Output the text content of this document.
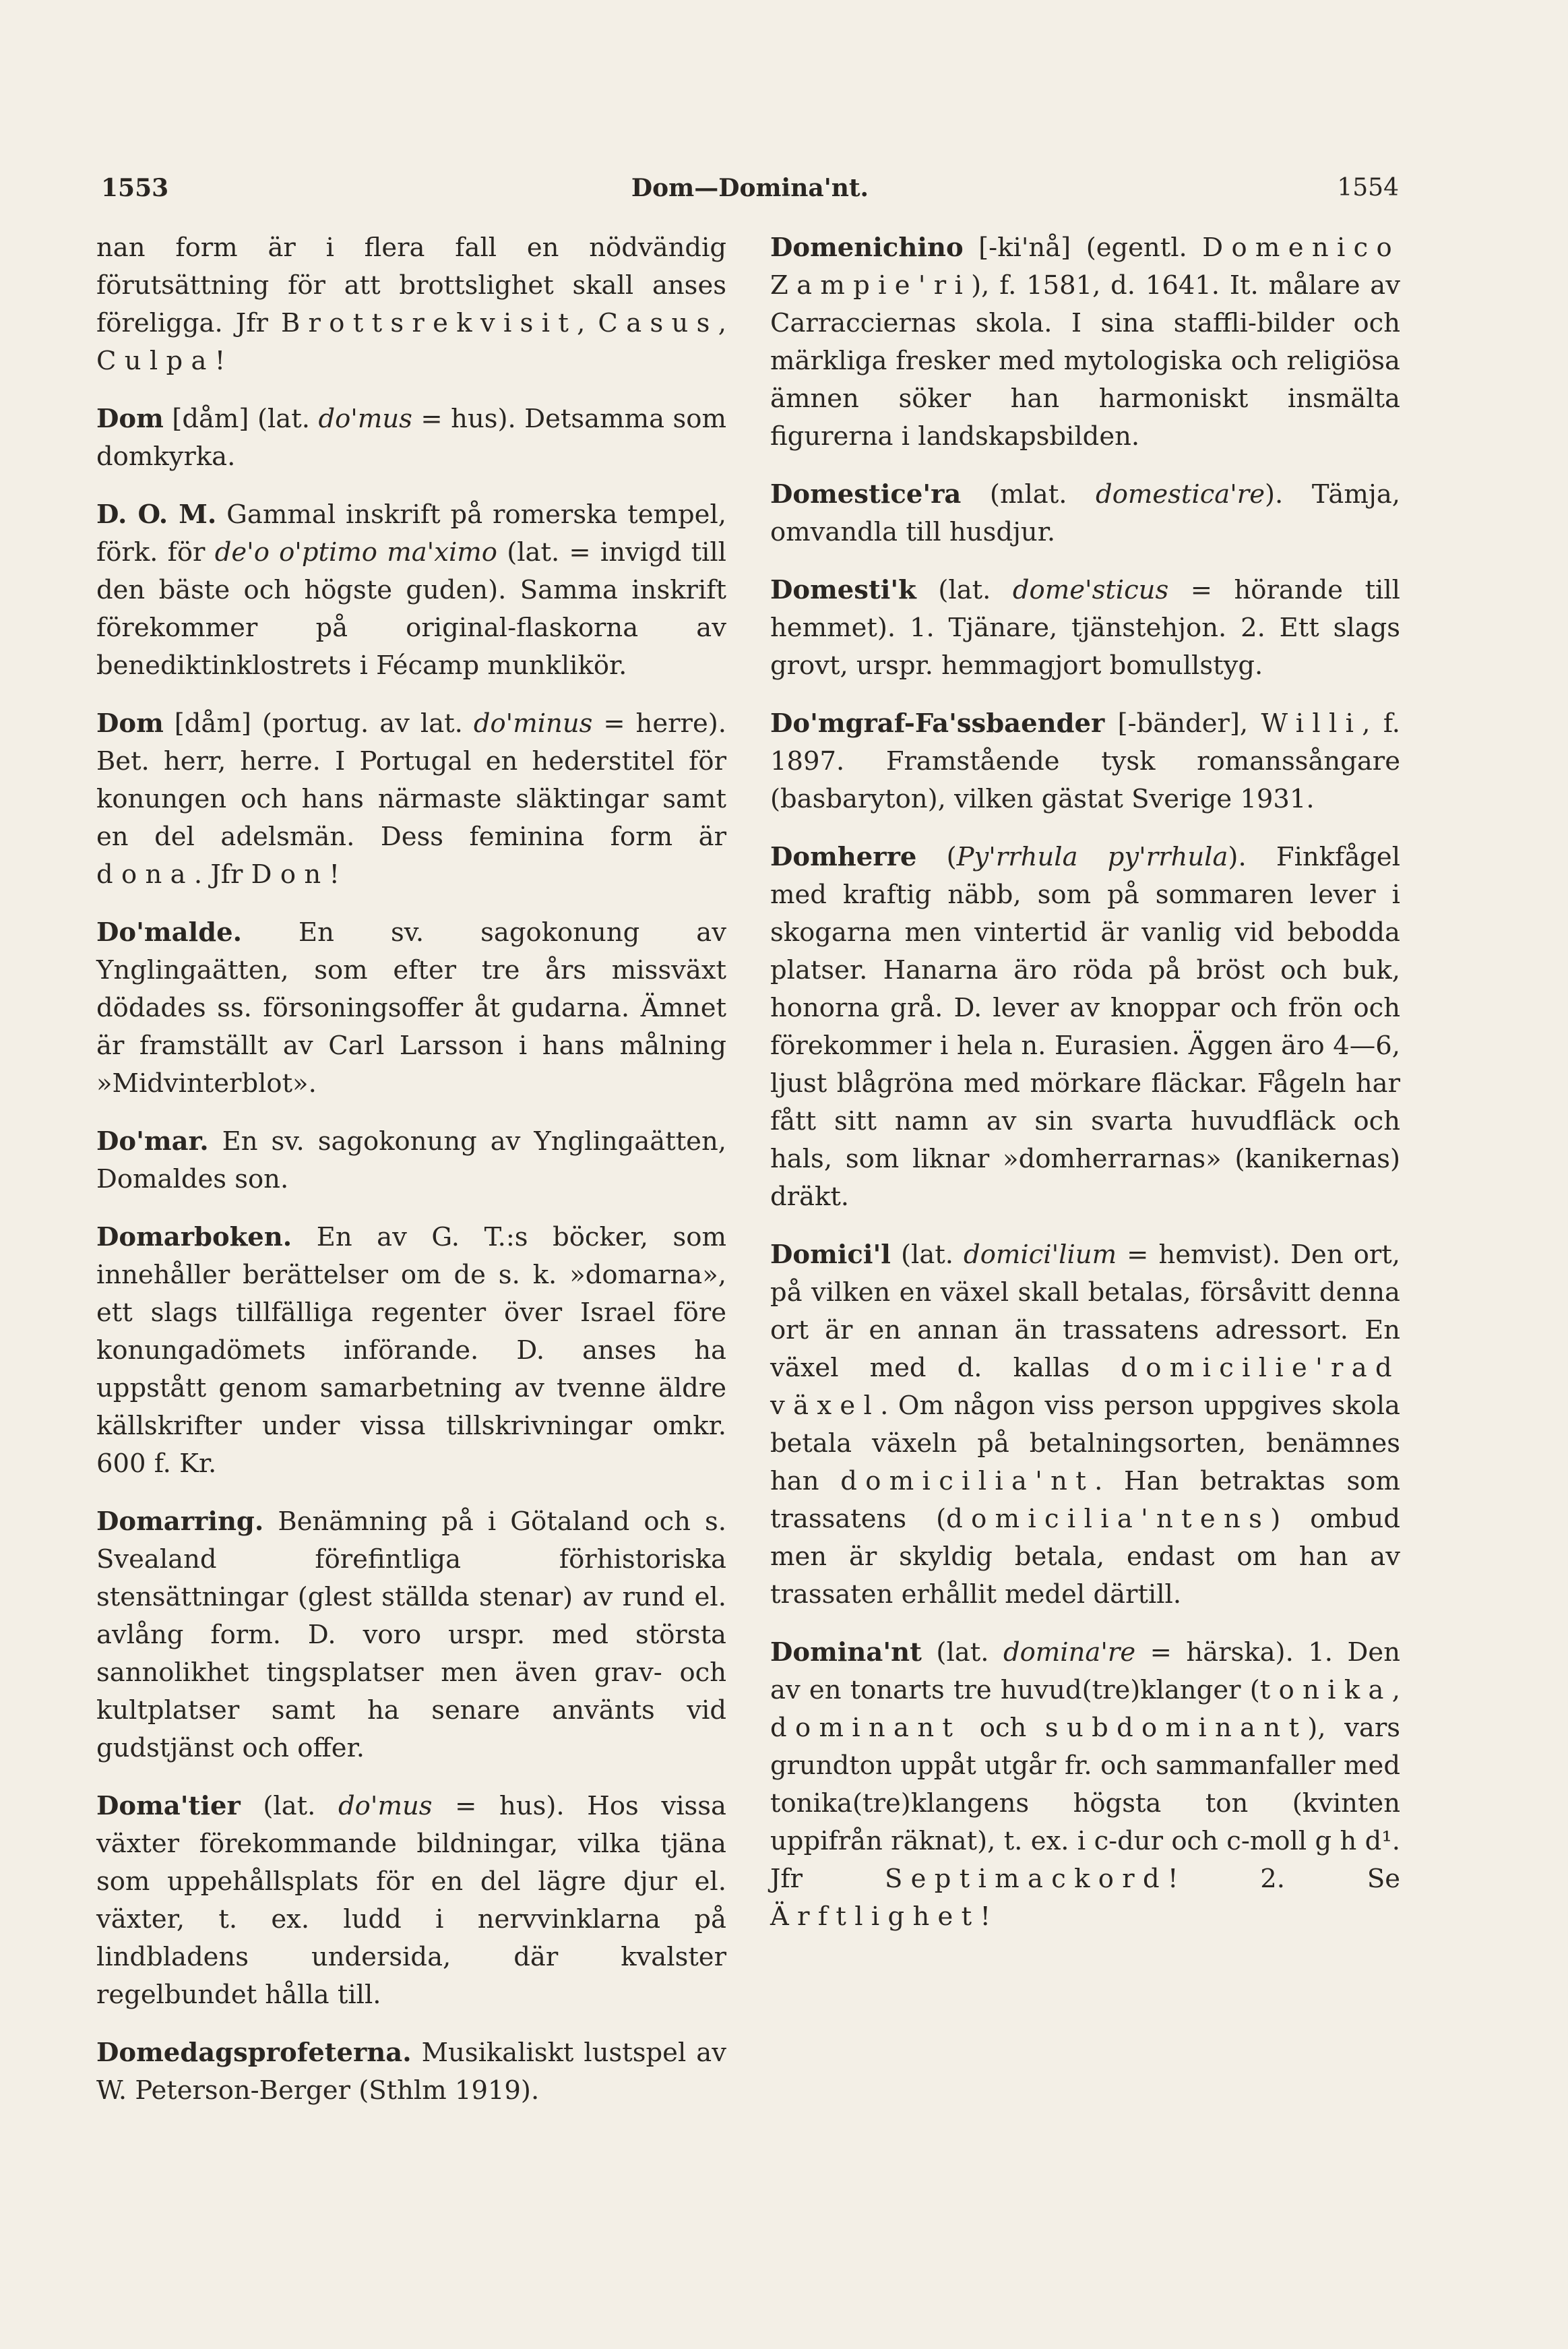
1553	Dom—Domina'nt.	1554

nan form är i flera fall en nödvändig förutsättning för att brottslighet skall anses föreligga. Jfr Brottsrekvisit, Casus, Culpa!

Dom [dåm] (lat. do'mus = hus). Detsamma som domkyrka.

D. O. M. Gammal inskrift på romerska tempel, förk. för de'o o'ptimo ma'ximo (lat. = invigd till den bäste och högste guden). Samma inskrift förekommer på original-flaskorna av benediktinklostrets i Fécamp munklikör.

Dom [dåm] (portug. av lat. do'minus = herre). Bet. herr, herre. I Portugal en hederstitel för konungen och hans närmaste släktingar samt en del adelsmän. Dess feminina form är dona. Jfr Don!

Do'malde. En sv. sagokonung av Ynglingaätten, som efter tre års missväxt dödades ss. försoningsoffer åt gudarna. Ämnet är framställt av Carl Larsson i hans målning »Midvinterblot».

Do'mar. En sv. sagokonung av Ynglingaätten, Domaldes son.

Domarboken. En av G. T.:s böcker, som innehåller berättelser om de s. k. »domarna», ett slags tillfälliga regenter över Israel före konungadömets införande. D. anses ha uppstått genom samarbetning av tvenne äldre källskrifter under vissa tillskrivningar omkr. 600 f. Kr.

Domarring. Benämning på i Götaland och s. Svealand förefintliga förhistoriska stensättningar (glest ställda stenar) av rund el. avlång form. D. voro urspr. med största sannolikhet tingsplatser men även grav- och kultplatser samt ha senare använts vid gudstjänst och offer.

Doma'tier (lat. do'mus = hus). Hos vissa växter förekommande bildningar, vilka tjäna som uppehållsplats för en del lägre djur el. växter, t. ex. ludd i nervvinklarna på lindbladens undersida, där kvalster regelbundet hålla till.

Domedagsprofeterna. Musikaliskt lustspel av W. Peterson-Berger (Sthlm 1919).

Domenichino [-ki'nå] (egentl. Domenico Zampie'ri), f. 1581, d. 1641. It. målare av Carracciernas skola. I sina staffli-bilder och märkliga fresker med mytologiska och religiösa ämnen söker han harmoniskt insmälta figurerna i landskapsbilden.

Domestice'ra (mlat. domestica're). Tämja, omvandla till husdjur.

Domesti'k (lat. dome'sticus = hörande till hemmet). 1. Tjänare, tjänstehjon. 2. Ett slags grovt, urspr. hemmagjort bomullstyg.

Do'mgraf-Fa'ssbaender [-bänder], Willi, f. 1897. Framstående tysk romanssångare (basbaryton), vilken gästat Sverige 1931.

Domherre (Py'rrhula py'rrhula). Finkfågel med kraftig näbb, som på sommaren lever i skogarna men vintertid är vanlig vid bebodda platser. Hanarna äro röda på bröst och buk, honorna grå. D. lever av knoppar och frön och förekommer i hela n. Eurasien. Äggen äro 4—6, ljust blågröna med mörkare fläckar. Fågeln har fått sitt namn av sin svarta huvudfläck och hals, som liknar »domherrarnas» (kanikernas) dräkt.

Domici'l (lat. domici'lium = hemvist). Den ort, på vilken en växel skall betalas, försåvitt denna ort är en annan än trassatens adressort. En växel med d. kallas domicilie'rad växel. Om någon viss person uppgives skola betala växeln på betalningsorten, benämnes han domicilia'nt. Han betraktas som trassatens (domicilia'ntens) ombud men är skyldig betala, endast om han av trassaten erhållit medel därtill.

Domina'nt (lat. domina're = härska). 1. Den av en tonarts tre huvud(tre)klanger (tonika, dominant och subdominant), vars grundton uppåt utgår fr. och sammanfaller med tonika(tre)klangens högsta ton (kvinten uppifrån räknat), t. ex. i c-dur och c-moll g h d¹. Jfr Septimackord! 2. Se Ärftlighet!
